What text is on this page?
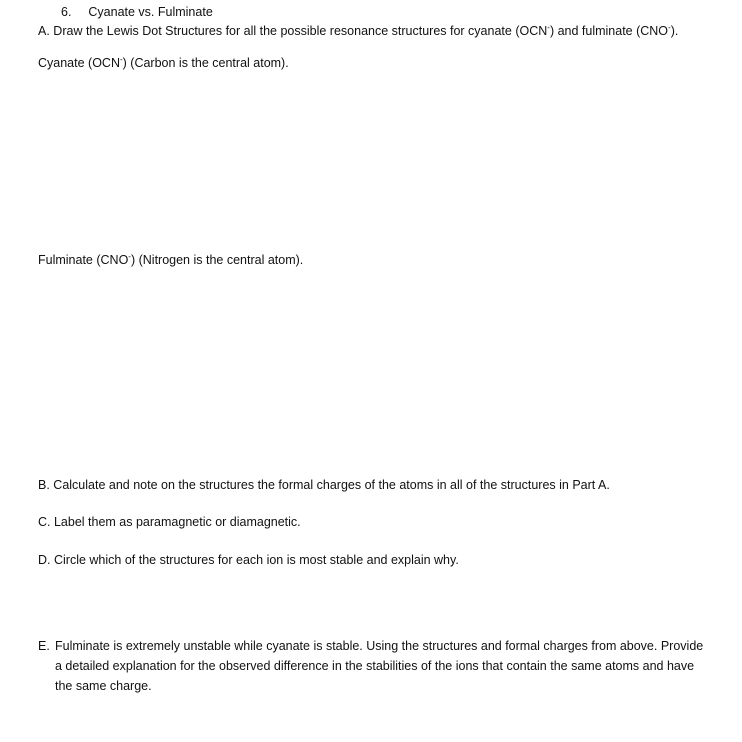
6. Cyanate vs. Fulminate
A. Draw the Lewis Dot Structures for all the possible resonance structures for cyanate (OCN-) and fulminate (CNO-).
Cyanate (OCN-) (Carbon is the central atom).
Fulminate (CNO-) (Nitrogen is the central atom).
B. Calculate and note on the structures the formal charges of the atoms in all of the structures in Part A.
C. Label them as paramagnetic or diamagnetic.
D. Circle which of the structures for each ion is most stable and explain why.
E. Fulminate is extremely unstable while cyanate is stable. Using the structures and formal charges from above. Provide
a detailed explanation for the observed difference in the stabilities of the ions that contain the same atoms and have
the same charge.
